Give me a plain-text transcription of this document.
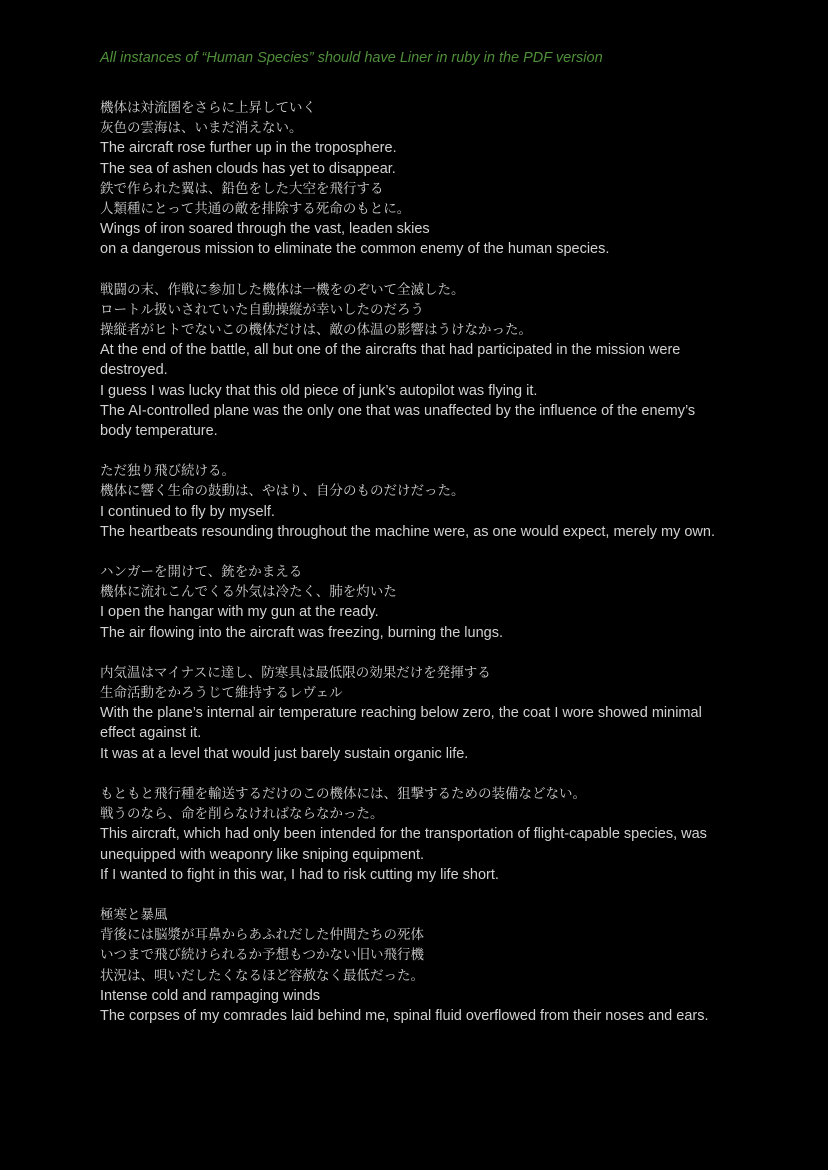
All instances of “Human Species” should have Liner in ruby in the PDF version

機体は対流圏をさらに上昇していく

灰色の雲海は、いまだ消えない。

The aircraft rose further up in the troposphere.

The sea of ashen clouds has yet to disappear.

鉄で作られた翼は、鉛色をした大空を飛行する

人類種にとって共通の敵を排除する死命のもとに。

Wings of iron soared through the vast, leaden skies

on a dangerous mission to eliminate the common enemy of the human species.

戦闘の末、作戦に参加した機体は一機をのぞいて全滅した。

ロートル扱いされていた自動操縦が幸いしたのだろう

操縦者がヒトでないこの機体だけは、敵の体温の影響はうけなかった。

At the end of the battle, all but one of the aircrafts that had participated in the mission were destroyed.

I guess I was lucky that this old piece of junk’s autopilot was flying it.

The AI-controlled plane was the only one that was unaffected by the influence of the enemy’s body temperature.

ただ独り飛び続ける。

機体に響く生命の鼓動は、やはり、自分のものだけだった。

I continued to fly by myself.

The heartbeats resounding throughout the machine were, as one would expect, merely my own.

ハンガーを開けて、銃をかまえる

機体に流れこんでくる外気は冷たく、肺を灼いた

I open the hangar with my gun at the ready.

The air flowing into the aircraft was freezing, burning the lungs.

内気温はマイナスに達し、防寒具は最低限の効果だけを発揮する

生命活動をかろうじて維持するレヴェル

With the plane’s internal air temperature reaching below zero, the coat I wore showed minimal effect against it.

It was at a level that would just barely sustain organic life.

もともと飛行種を輸送するだけのこの機体には、狙撃するための装備などない。

戦うのなら、命を削らなければならなかった。

This aircraft, which had only been intended for the transportation of flight-capable species, was unequipped with weaponry like sniping equipment.

If I wanted to fight in this war, I had to risk cutting my life short.

極寒と暴風

背後には脳漿が耳鼻からあふれだした仲間たちの死体

いつまで飛び続けられるか予想もつかない旧い飛行機

状況は、唄いだしたくなるほど容赦なく最低だった。

Intense cold and rampaging winds

The corpses of my comrades laid behind me, spinal fluid overflowed from their noses and ears.
